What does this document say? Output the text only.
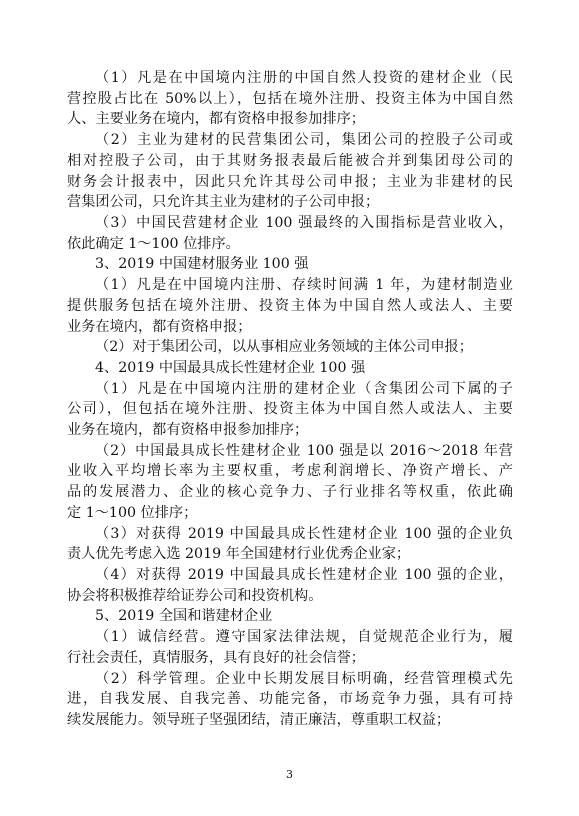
（1）凡是在中国境内注册的中国自然人投资的建材企业（民
营控股占比在 50%以上），包括在境外注册、投资主体为中国自然
人、主要业务在境内，都有资格申报参加排序；
（2）主业为建材的民营集团公司，集团公司的控股子公司或
相对控股子公司，由于其财务报表最后能被合并到集团母公司的
财务会计报表中，因此只允许其母公司申报；主业为非建材的民
营集团公司，只允许其主业为建材的子公司申报；
（3）中国民营建材企业 100 强最终的入围指标是营业收入，
依此确定 1～100 位排序。
3、2019 中国建材服务业 100 强
（1）凡是在中国境内注册、存续时间满 1 年，为建材制造业
提供服务包括在境外注册、投资主体为中国自然人或法人、主要
业务在境内，都有资格申报；
（2）对于集团公司，以从事相应业务领域的主体公司申报；
4、2019 中国最具成长性建材企业 100 强
（1）凡是在中国境内注册的建材企业（含集团公司下属的子
公司），但包括在境外注册、投资主体为中国自然人或法人、主要
业务在境内，都有资格申报参加排序；
（2）中国最具成长性建材企业 100 强是以 2016～2018 年营
业收入平均增长率为主要权重，考虑利润增长、净资产增长、产
品的发展潜力、企业的核心竞争力、子行业排名等权重，依此确
定 1～100 位排序；
（3）对获得 2019 中国最具成长性建材企业 100 强的企业负
责人优先考虑入选 2019 年全国建材行业优秀企业家；
（4）对获得 2019 中国最具成长性建材企业 100 强的企业，
协会将积极推荐给证券公司和投资机构。
5、2019 全国和谐建材企业
（1）诚信经营。遵守国家法律法规，自觉规范企业行为，履
行社会责任，真情服务，具有良好的社会信誉；
（2）科学管理。企业中长期发展目标明确，经营管理模式先
进，自我发展、自我完善、功能完备，市场竞争力强，具有可持
续发展能力。领导班子坚强团结，清正廉洁，尊重职工权益；
3
